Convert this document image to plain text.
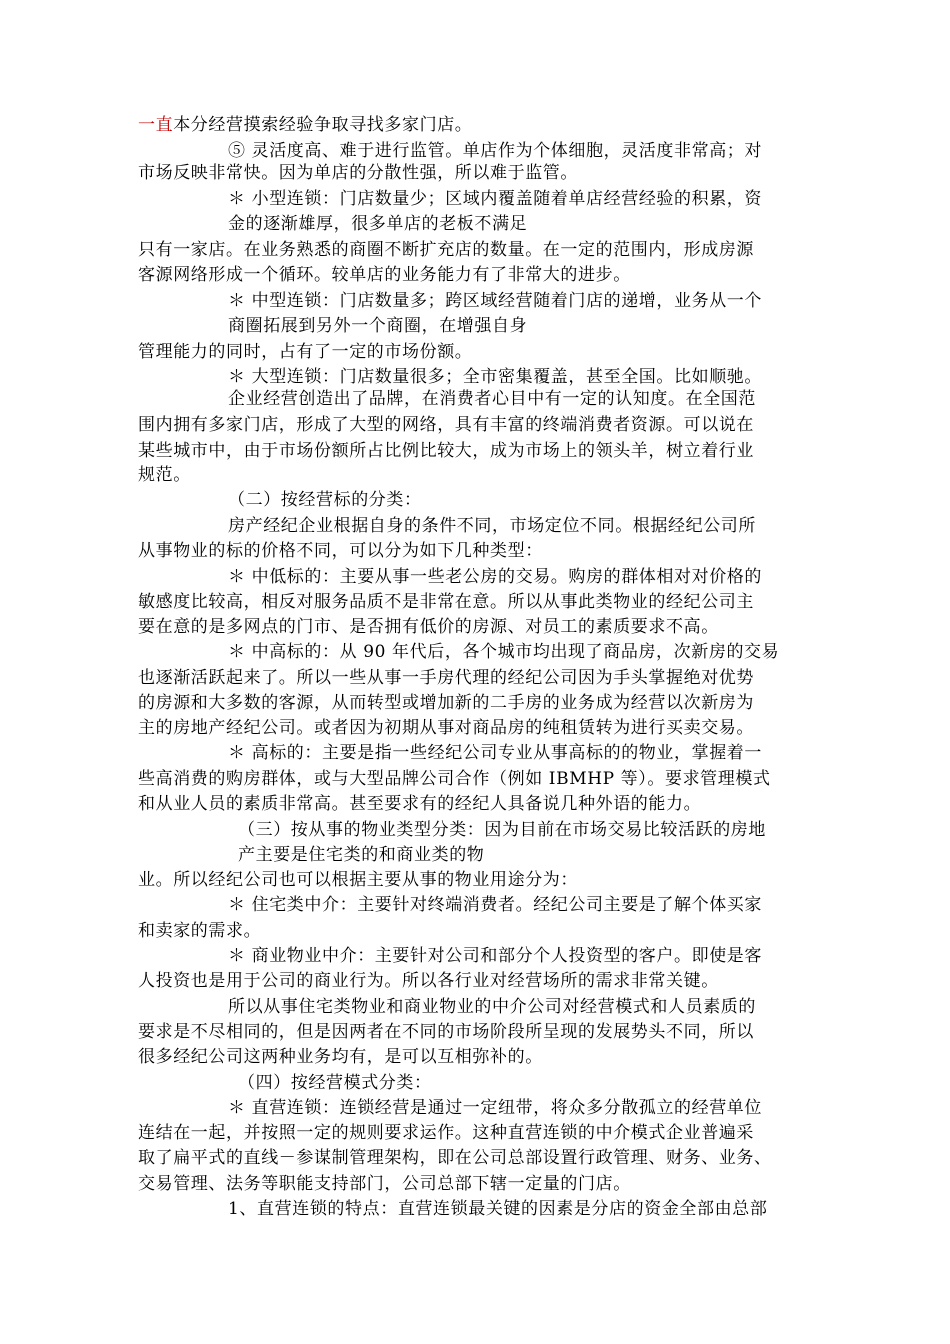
一直本分经营摸索经验争取寻找多家门店。
⑤ 灵活度高、难于进行监管。单店作为个体细胞，灵活度非常高；对
市场反映非常快。因为单店的分散性强，所以难于监管。
＊ 小型连锁：门店数量少；区域内覆盖随着单店经营经验的积累，资
金的逐渐雄厚，很多单店的老板不满足
只有一家店。在业务熟悉的商圈不断扩充店的数量。在一定的范围内，形成房源
客源网络形成一个循环。较单店的业务能力有了非常大的进步。
＊ 中型连锁：门店数量多；跨区域经营随着门店的递增，业务从一个
商圈拓展到另外一个商圈，在增强自身
管理能力的同时，占有了一定的市场份额。
＊ 大型连锁：门店数量很多；全市密集覆盖，甚至全国。比如顺驰。
企业经营创造出了品牌，在消费者心目中有一定的认知度。在全国范
围内拥有多家门店，形成了大型的网络，具有丰富的终端消费者资源。可以说在
某些城市中，由于市场份额所占比例比较大，成为市场上的领头羊，树立着行业
规范。
（二）按经营标的分类：
房产经纪企业根据自身的条件不同，市场定位不同。根据经纪公司所
从事物业的标的价格不同，可以分为如下几种类型：
＊ 中低标的：主要从事一些老公房的交易。购房的群体相对对价格的
敏感度比较高，相反对服务品质不是非常在意。所以从事此类物业的经纪公司主
要在意的是多网点的门市、是否拥有低价的房源、对员工的素质要求不高。
＊ 中高标的：从 90 年代后，各个城市均出现了商品房，次新房的交易
也逐渐活跃起来了。所以一些从事一手房代理的经纪公司因为手头掌握绝对优势
的房源和大多数的客源，从而转型或增加新的二手房的业务成为经营以次新房为
主的房地产经纪公司。或者因为初期从事对商品房的纯租赁转为进行买卖交易。
＊ 高标的：主要是指一些经纪公司专业从事高标的的物业，掌握着一
些高消费的购房群体，或与大型品牌公司合作（例如 IBMHP 等）。要求管理模式
和从业人员的素质非常高。甚至要求有的经纪人具备说几种外语的能力。
（三）按从事的物业类型分类：因为目前在市场交易比较活跃的房地
产主要是住宅类的和商业类的物
业。所以经纪公司也可以根据主要从事的物业用途分为：
＊ 住宅类中介：主要针对终端消费者。经纪公司主要是了解个体买家
和卖家的需求。
＊ 商业物业中介：主要针对公司和部分个人投资型的客户。即使是客
人投资也是用于公司的商业行为。所以各行业对经营场所的需求非常关键。
所以从事住宅类物业和商业物业的中介公司对经营模式和人员素质的
要求是不尽相同的，但是因两者在不同的市场阶段所呈现的发展势头不同，所以
很多经纪公司这两种业务均有，是可以互相弥补的。
（四）按经营模式分类：
＊ 直营连锁：连锁经营是通过一定纽带，将众多分散孤立的经营单位
连结在一起，并按照一定的规则要求运作。这种直营连锁的中介模式企业普遍采
取了扁平式的直线－参谋制管理架构，即在公司总部设置行政管理、财务、业务、
交易管理、法务等职能支持部门，公司总部下辖一定量的门店。
1、直营连锁的特点：直营连锁最关键的因素是分店的资金全部由总部
